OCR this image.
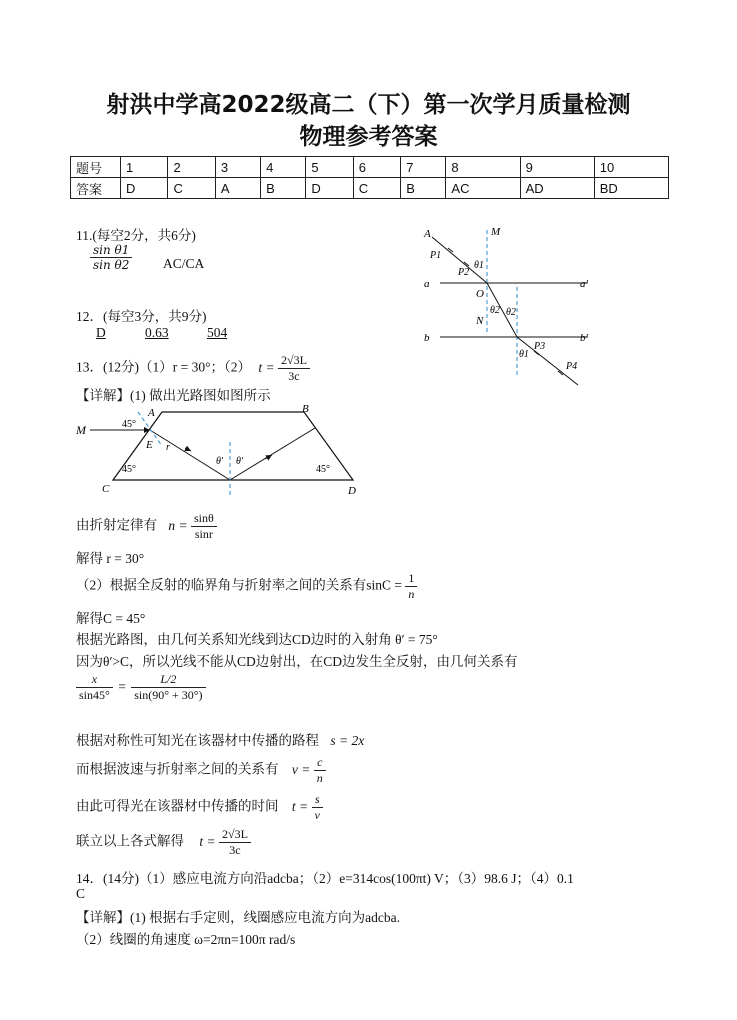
射洪中学高2022级高二（下）第一次学月质量检测
物理参考答案
题号	1	2	3	4	5	6	7	8	9	10
答案	D	C	A	B	D	C	B	AC	AD	BD
11.(每空2分，共6分)
$\frac{\text{sin θ1}}{\text{sin θ2}} AC/CA$
12．(每空3分，共9分)
D	0.63	504
13．(12分)（1）r = 30°；（2） $t = \frac{2√3L}{3c}$
【详解】(1) 做出光路图如图所示
M
A	B
45°
E r
θ′ θ′
45°	45°
C	D
A	M
P1
P2
θ1
O
a	a′
θ2
N
θ2
b	b′
P3
θ1
P4
由折射定律有 $n = \frac{\sin\theta}{\sin r}$
解得 r = 30°
（2）根据全反射的临界角与折射率之间的关系有$\sin C = \frac{1}{n}$
解得C = 45°
根据光路图，由几何关系知光线到达CD边时的入射角 θ′ = 75°
因为θ′>C，所以光线不能从CD边射出，在CD边发生全反射，由几何关系有
$\frac{x}{\sin 45^\circ} = \frac{L/2}{\sin(90^\circ + 30^\circ)}$
根据对称性可知光在该器材中传播的路程 s = 2x
而根据波速与折射率之间的关系有 $v = \frac{c}{n}$
由此可得光在该器材中传播的时间 $t = \frac{s}{v}$
联立以上各式解得 $t = \frac{2√3L}{3c}$
14．(14分)（1）感应电流方向沿adcba；（2）e=314cos(100πt) V；（3）98.6 J；（4）0.1
C
【详解】(1) 根据右手定则，线圈感应电流方向为adcba.
（2）线圈的角速度 ω=2πn=100π rad/s
